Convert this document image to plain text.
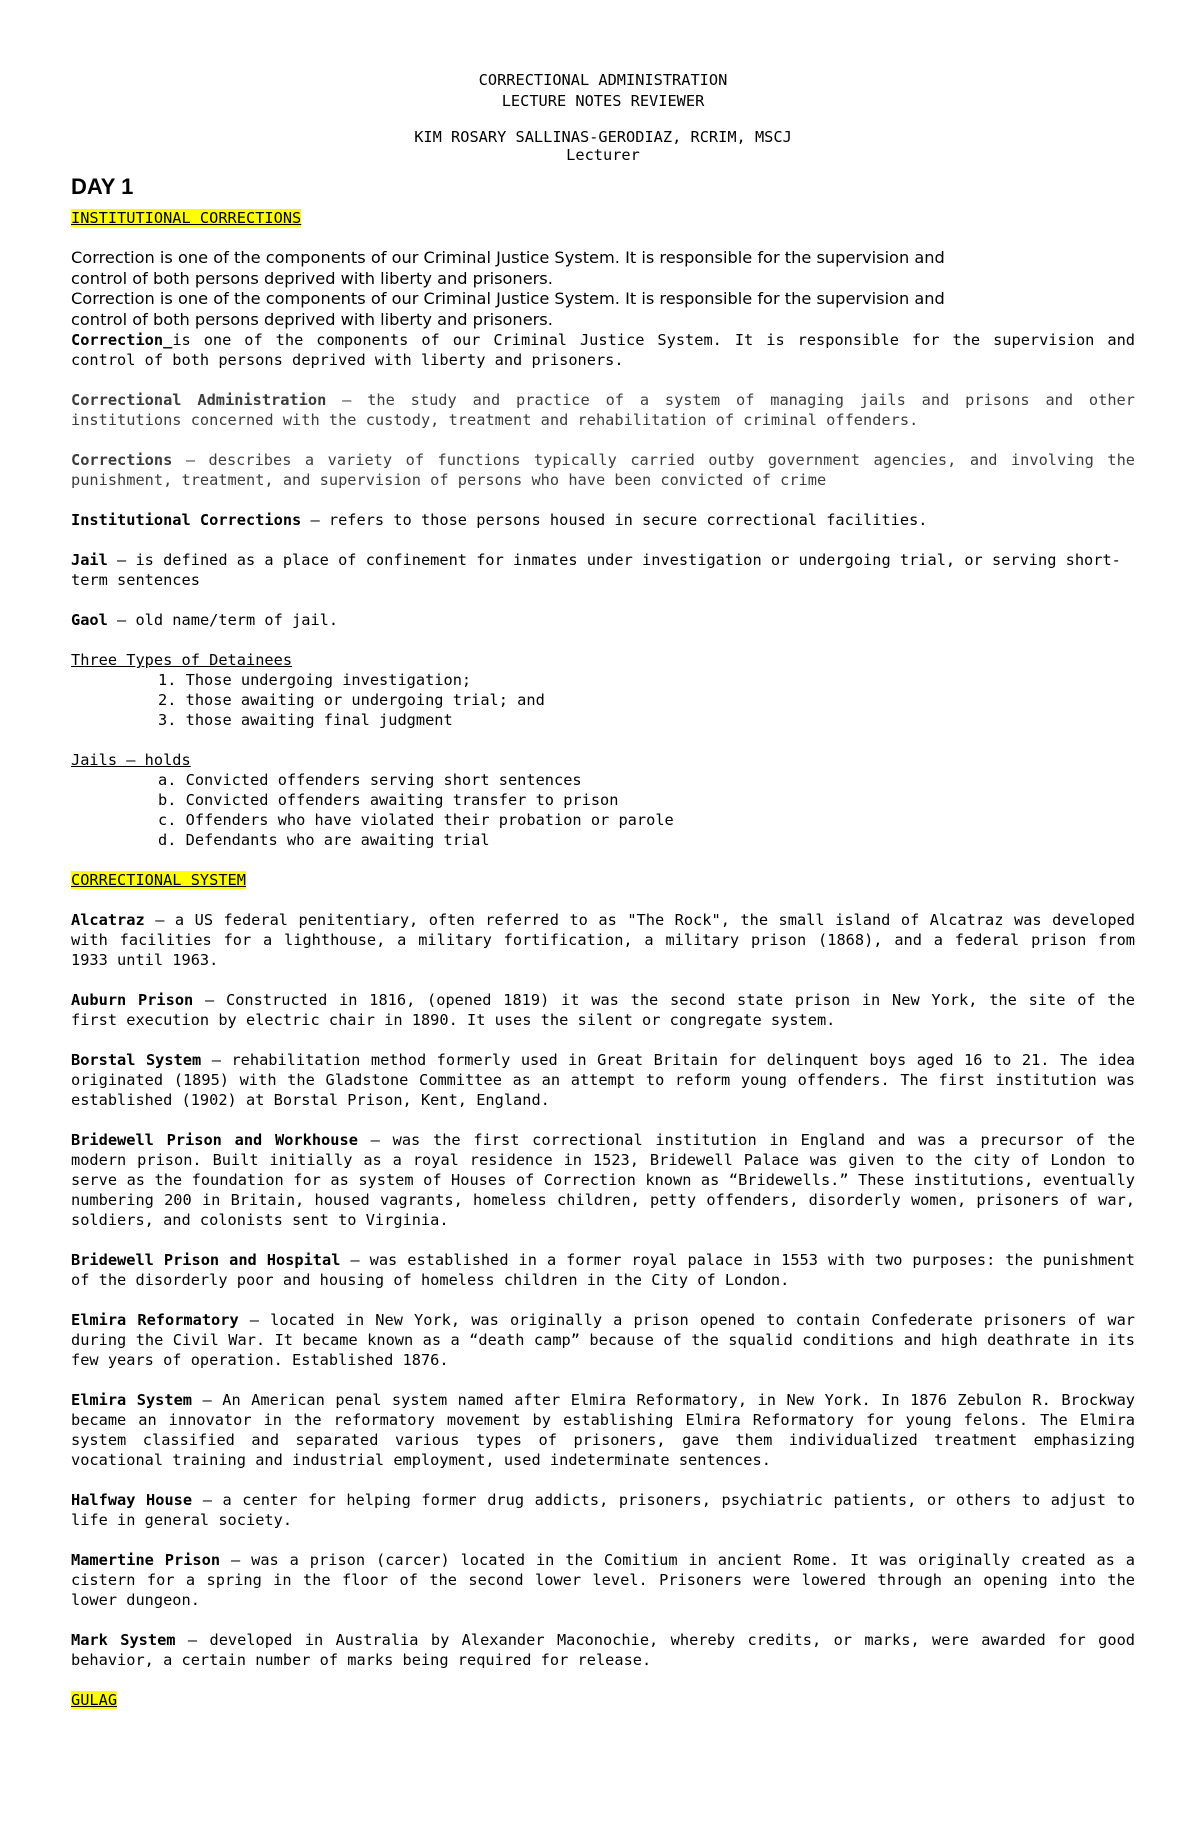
CORRECTIONAL ADMINISTRATION
LECTURE NOTES REVIEWER
KIM ROSARY SALLINAS-GERODIAZ, RCRIM, MSCJ
Lecturer
DAY 1
INSTITUTIONAL CORRECTIONS

Correction is one of the components of our Criminal Justice System. It is responsible for the supervision and control of both persons deprived with liberty and prisoners.

Correction is one of the components of our Criminal Justice System. It is responsible for the supervision and control of both persons deprived with liberty and prisoners.

Correction_is one of the components of our Criminal Justice System. It is responsible for the supervision and control of both persons deprived with liberty and prisoners.

Correctional Administration – the study and practice of a system of managing jails and prisons and other institutions concerned with the custody, treatment and rehabilitation of criminal offenders.

Corrections – describes a variety of functions typically carried outby government agencies, and involving the punishment, treatment, and supervision of persons who have been convicted of crime

Institutional Corrections – refers to those persons housed in secure correctional facilities.

Jail – is defined as a place of confinement for inmates under investigation or undergoing trial, or serving short-term sentences

Gaol – old name/term of jail.

Three Types of Detainees
1. Those undergoing investigation;
2. those awaiting or undergoing trial; and
3. those awaiting final judgment
Jails – holds
a. Convicted offenders serving short sentences
b. Convicted offenders awaiting transfer to prison
c. Offenders who have violated their probation or parole
d. Defendants who are awaiting trial
CORRECTIONAL SYSTEM

Alcatraz – a US federal penitentiary, often referred to as "The Rock", the small island of Alcatraz was developed with facilities for a lighthouse, a military fortification, a military prison (1868), and a federal prison from 1933 until 1963.

Auburn Prison – Constructed in 1816, (opened 1819) it was the second state prison in New York, the site of the first execution by electric chair in 1890. It uses the silent or congregate system.

Borstal System – rehabilitation method formerly used in Great Britain for delinquent boys aged 16 to 21. The idea originated (1895) with the Gladstone Committee as an attempt to reform young offenders. The first institution was established (1902) at Borstal Prison, Kent, England.

Bridewell Prison and Workhouse – was the first correctional institution in England and was a precursor of the modern prison. Built initially as a royal residence in 1523, Bridewell Palace was given to the city of London to serve as the foundation for as system of Houses of Correction known as “Bridewells.” These institutions, eventually numbering 200 in Britain, housed vagrants, homeless children, petty offenders, disorderly women, prisoners of war, soldiers, and colonists sent to Virginia.

Bridewell Prison and Hospital – was established in a former royal palace in 1553 with two purposes: the punishment of the disorderly poor and housing of homeless children in the City of London.

Elmira Reformatory – located in New York, was originally a prison opened to contain Confederate prisoners of war during the Civil War. It became known as a “death camp” because of the squalid conditions and high deathrate in its few years of operation. Established 1876.

Elmira System – An American penal system named after Elmira Reformatory, in New York. In 1876 Zebulon R. Brockway became an innovator in the reformatory movement by establishing Elmira Reformatory for young felons. The Elmira system classified and separated various types of prisoners, gave them individualized treatment emphasizing vocational training and industrial employment, used indeterminate sentences.

Halfway House – a center for helping former drug addicts, prisoners, psychiatric patients, or others to adjust to life in general society.

Mamertine Prison – was a prison (carcer) located in the Comitium in ancient Rome. It was originally created as a cistern for a spring in the floor of the second lower level. Prisoners were lowered through an opening into the lower dungeon.

Mark System – developed in Australia by Alexander Maconochie, whereby credits, or marks, were awarded for good behavior, a certain number of marks being required for release.

GULAG
